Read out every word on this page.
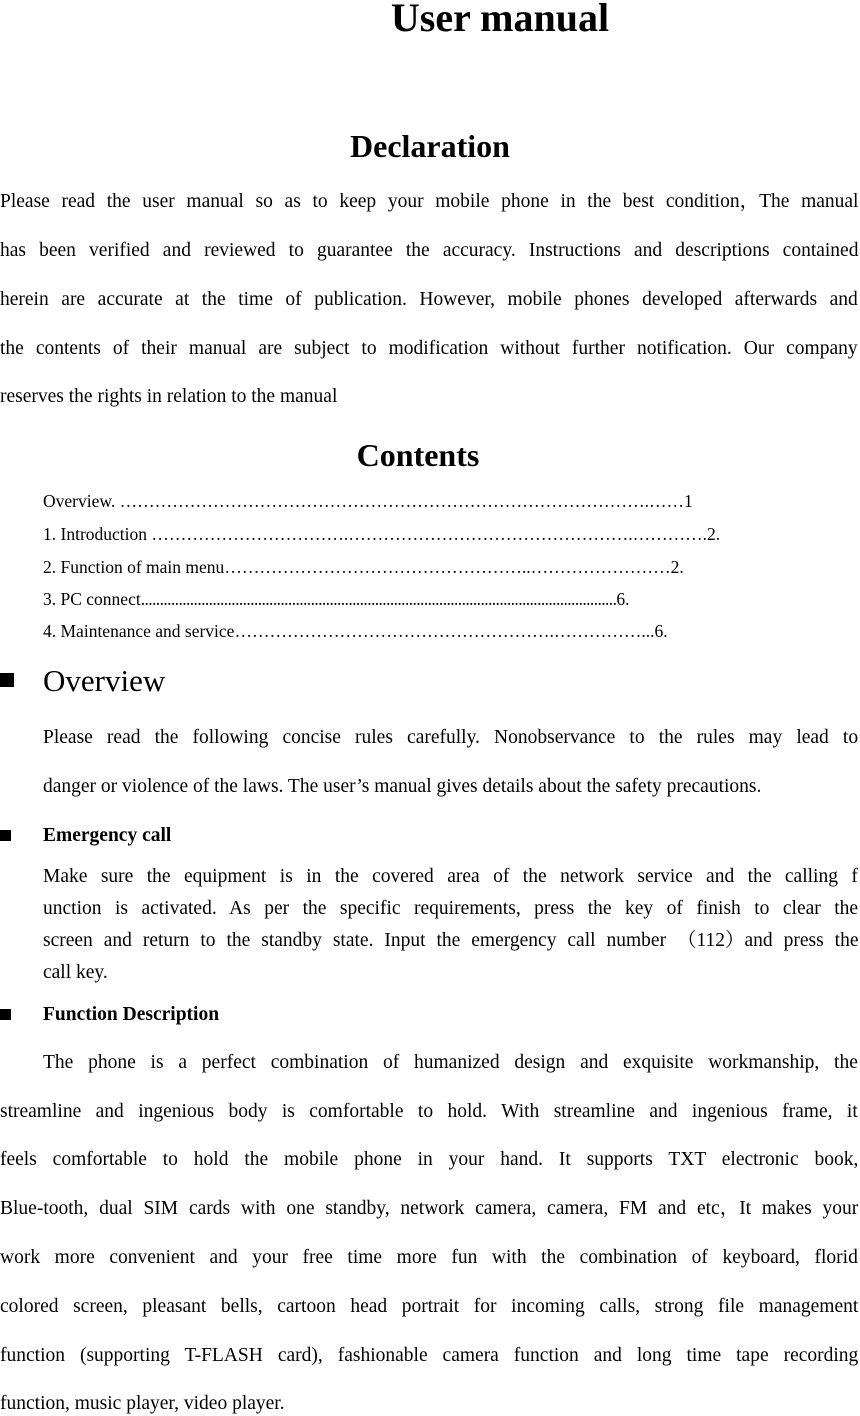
User manual
Declaration
Please read the user manual so as to keep your mobile phone in the best condition，The manual
has been verified and reviewed to guarantee the accuracy. Instructions and descriptions contained
herein are accurate at the time of publication. However, mobile phones developed afterwards and
the contents of their manual are subject to modification without further notification. Our company
reserves the rights in relation to the manual
Contents
Overview. ……………………………………………………………………………….……1
1. Introduction …………………………….………………………………………….………….2.
2. Function of main menu……………………………………………..……………………2.
3. PC connect..............................................................................................................................6.
4. Maintenance and service……………………………………………….……………...6.
Overview
Please read the following concise rules carefully. Nonobservance to the rules may lead to
danger or violence of the laws. The user’s manual gives details about the safety precautions.
Emergency call
Make sure the equipment is in the covered area of the network service and the calling f
unction is activated. As per the specific requirements, press the key of finish to clear the
screen and return to the standby state. Input the emergency call number （112）and press the
call key.
Function Description
The phone is a perfect combination of humanized design and exquisite workmanship, the
streamline and ingenious body is comfortable to hold. With streamline and ingenious frame, it
feels comfortable to hold the mobile phone in your hand. It supports TXT electronic book,
Blue-tooth, dual SIM cards with one standby, network camera, camera, FM and etc，It makes your
work more convenient and your free time more fun with the combination of keyboard, florid
colored screen, pleasant bells, cartoon head portrait for incoming calls, strong file management
function (supporting T-FLASH card), fashionable camera function and long time tape recording
function, music player, video player.
